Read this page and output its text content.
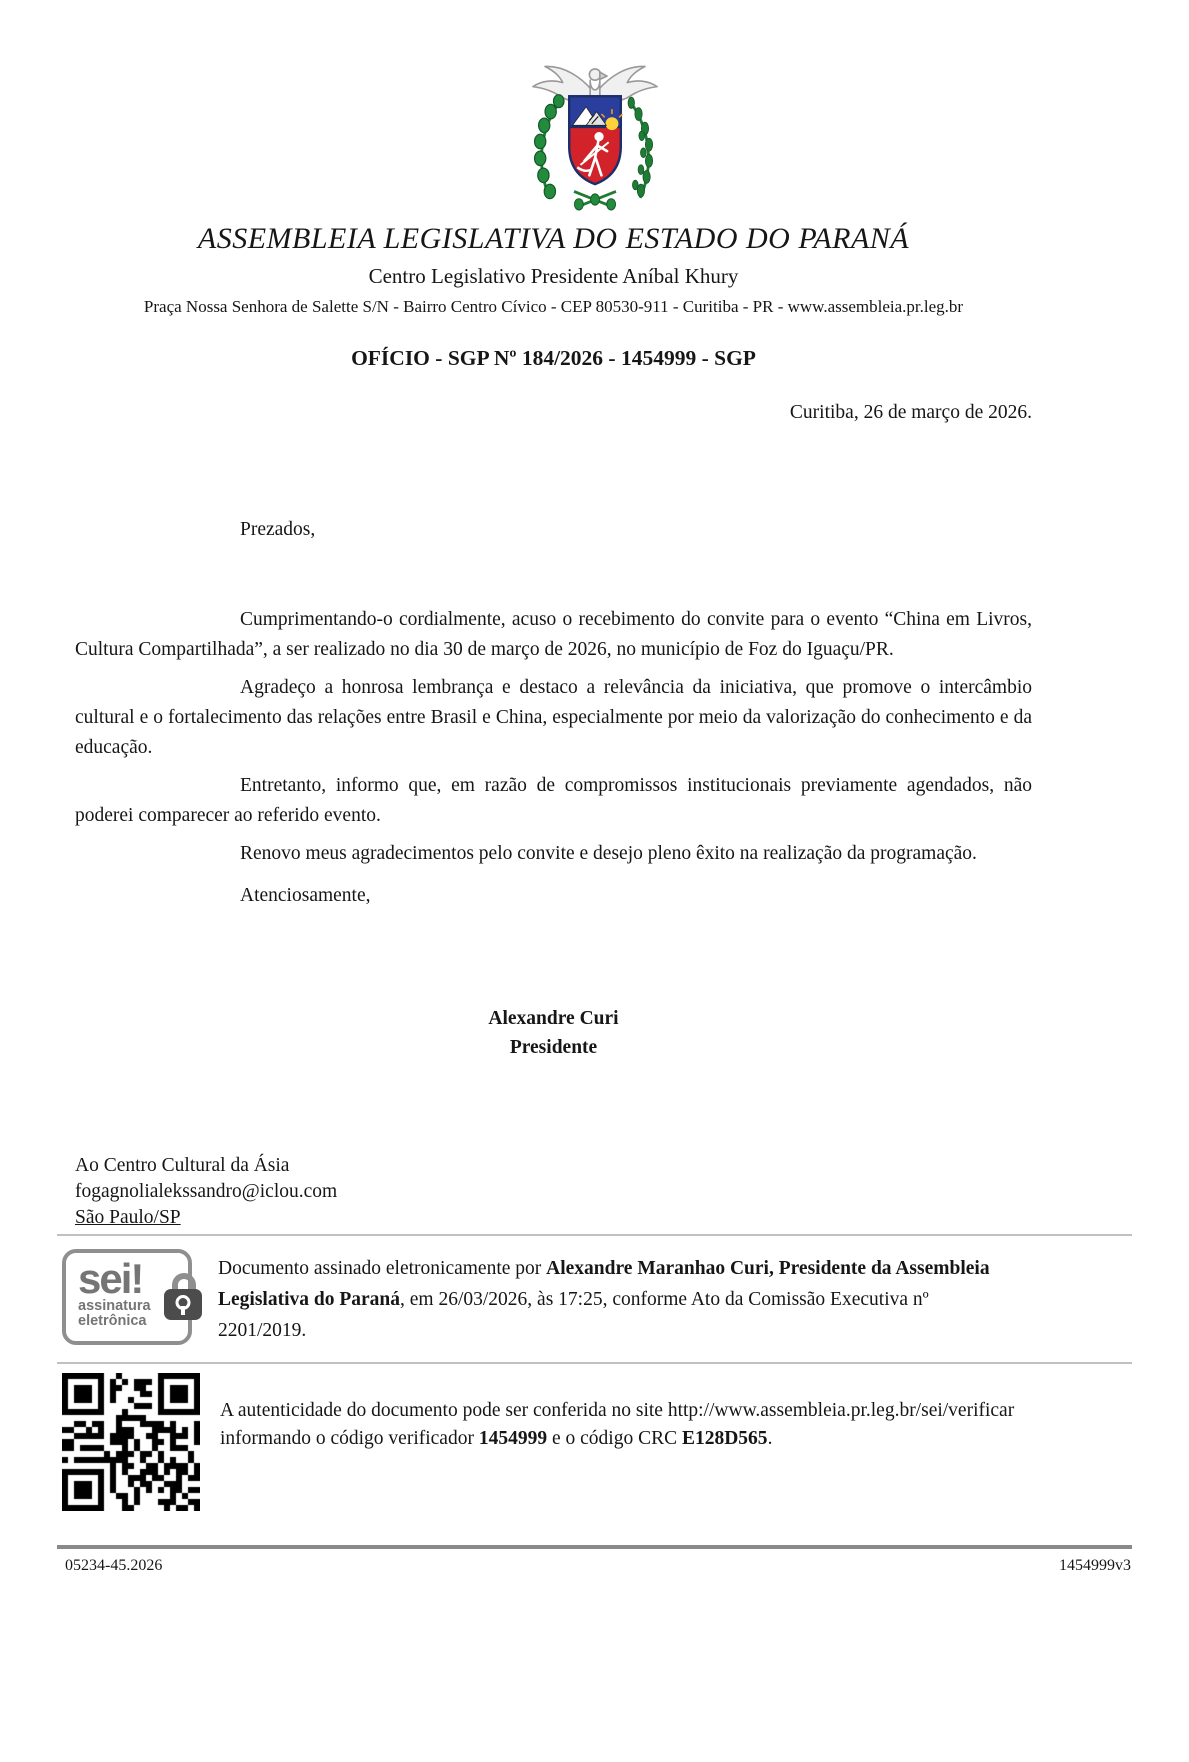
ASSEMBLEIA LEGISLATIVA DO ESTADO DO PARANÁ
Centro Legislativo Presidente Aníbal Khury
Praça Nossa Senhora de Salette S/N - Bairro Centro Cívico - CEP 80530-911 - Curitiba - PR - www.assembleia.pr.leg.br
OFÍCIO - SGP Nº 184/2026 - 1454999 - SGP
Curitiba, 26 de março de 2026.

Prezados,

Cumprimentando-o cordialmente, acuso o recebimento do convite para o evento “China em Livros, Cultura Compartilhada”, a ser realizado no dia 30 de março de 2026, no município de Foz do Iguaçu/PR.

Agradeço a honrosa lembrança e destaco a relevância da iniciativa, que promove o intercâmbio cultural e o fortalecimento das relações entre Brasil e China, especialmente por meio da valorização do conhecimento e da educação.

Entretanto, informo que, em razão de compromissos institucionais previamente agendados, não poderei comparecer ao referido evento.

Renovo meus agradecimentos pelo convite e desejo pleno êxito na realização da programação.

Atenciosamente,

Alexandre Curi
Presidente
Ao Centro Cultural da Ásia
fogagnolialekssandro@iclou.com
São Paulo/SP
sei!
assinatura
eletrônica
Documento assinado eletronicamente por Alexandre Maranhao Curi, Presidente da Assembleia Legislativa do Paraná, em 26/03/2026, às 17:25, conforme Ato da Comissão Executiva nº 2201/2019.
A autenticidade do documento pode ser conferida no site http://www.assembleia.pr.leg.br/sei/verificar informando o código verificador 1454999 e o código CRC E128D565.
05234-45.2026	1454999v3
